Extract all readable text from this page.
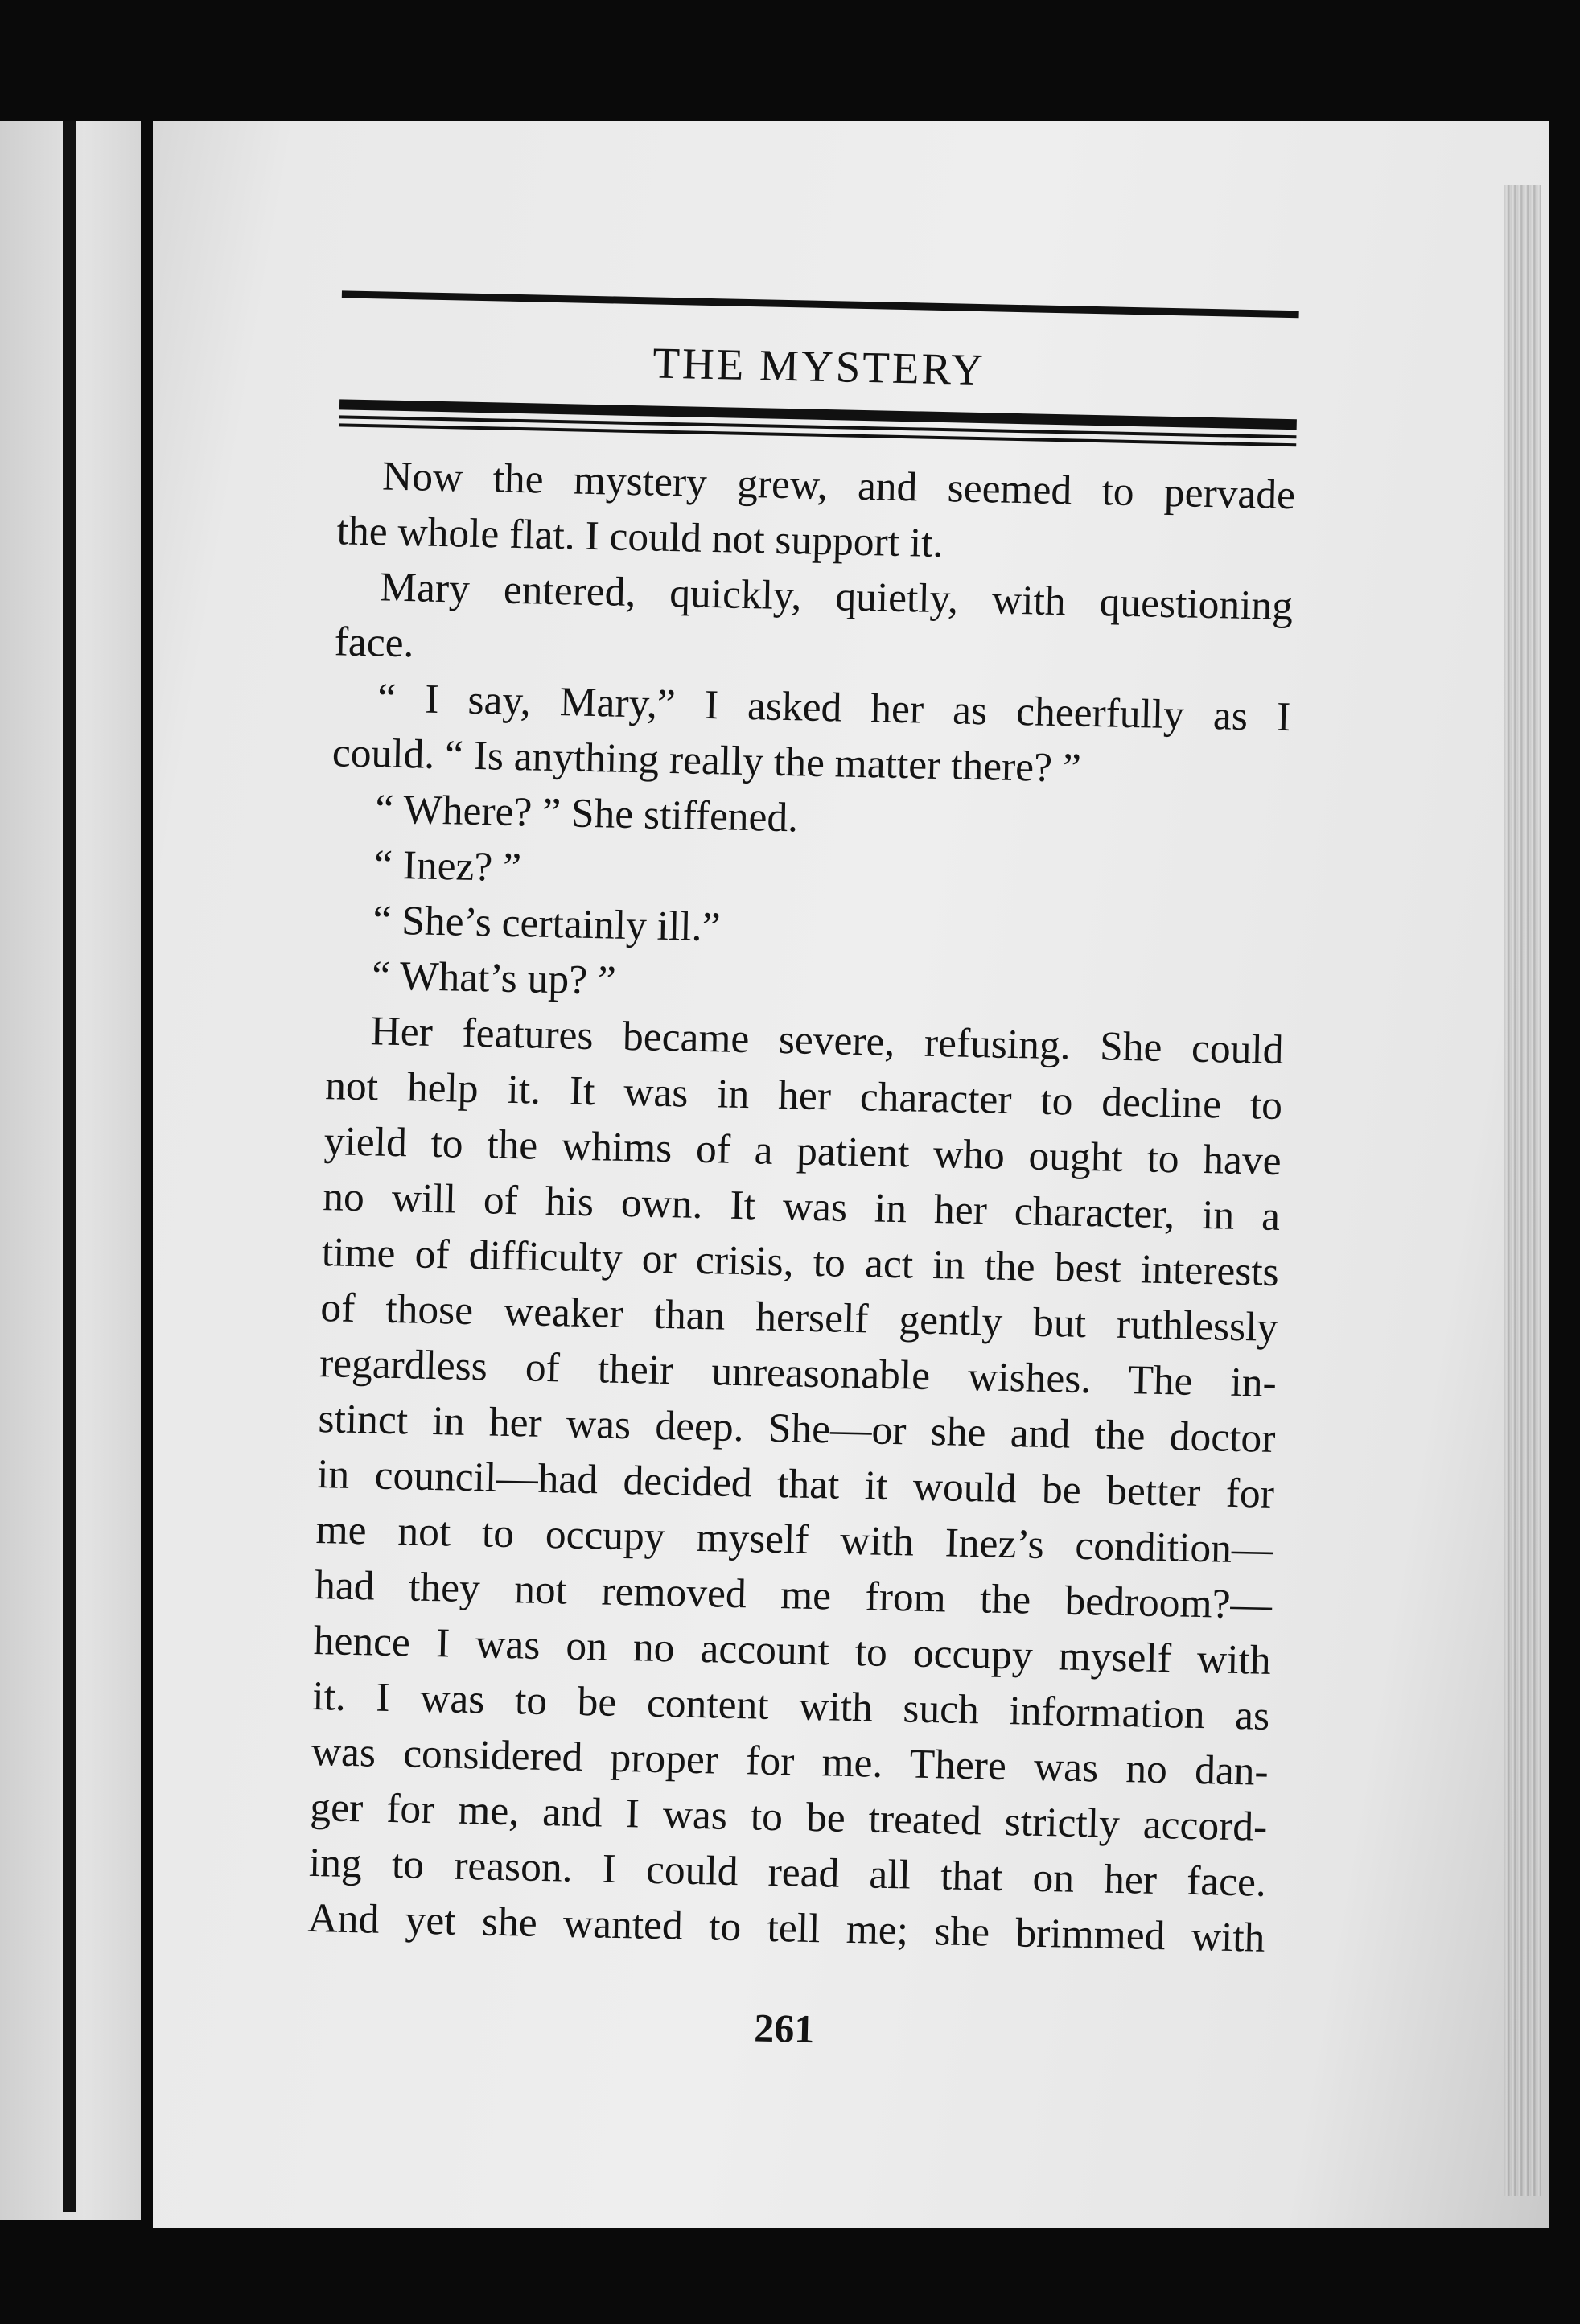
THE MYSTERY
Now the mystery grew, and seemed to pervade
the whole flat. I could not support it.
Mary entered, quickly, quietly, with questioning
face.
“ I say, Mary,” I asked her as cheerfully as I
could. “ Is anything really the matter there? ”
“ Where? ” She stiffened.
“ Inez? ”
“ She’s certainly ill.”
“ What’s up? ”
Her features became severe, refusing. She could
not help it. It was in her character to decline to
yield to the whims of a patient who ought to have
no will of his own. It was in her character, in a
time of difficulty or crisis, to act in the best interests
of those weaker than herself gently but ruthlessly
regardless of their unreasonable wishes. The in-
stinct in her was deep. She—or she and the doctor
in council—had decided that it would be better for
me not to occupy myself with Inez’s condition—
had they not removed me from the bedroom?—
hence I was on no account to occupy myself with
it. I was to be content with such information as
was considered proper for me. There was no dan-
ger for me, and I was to be treated strictly accord-
ing to reason. I could read all that on her face.
And yet she wanted to tell me; she brimmed with
261
